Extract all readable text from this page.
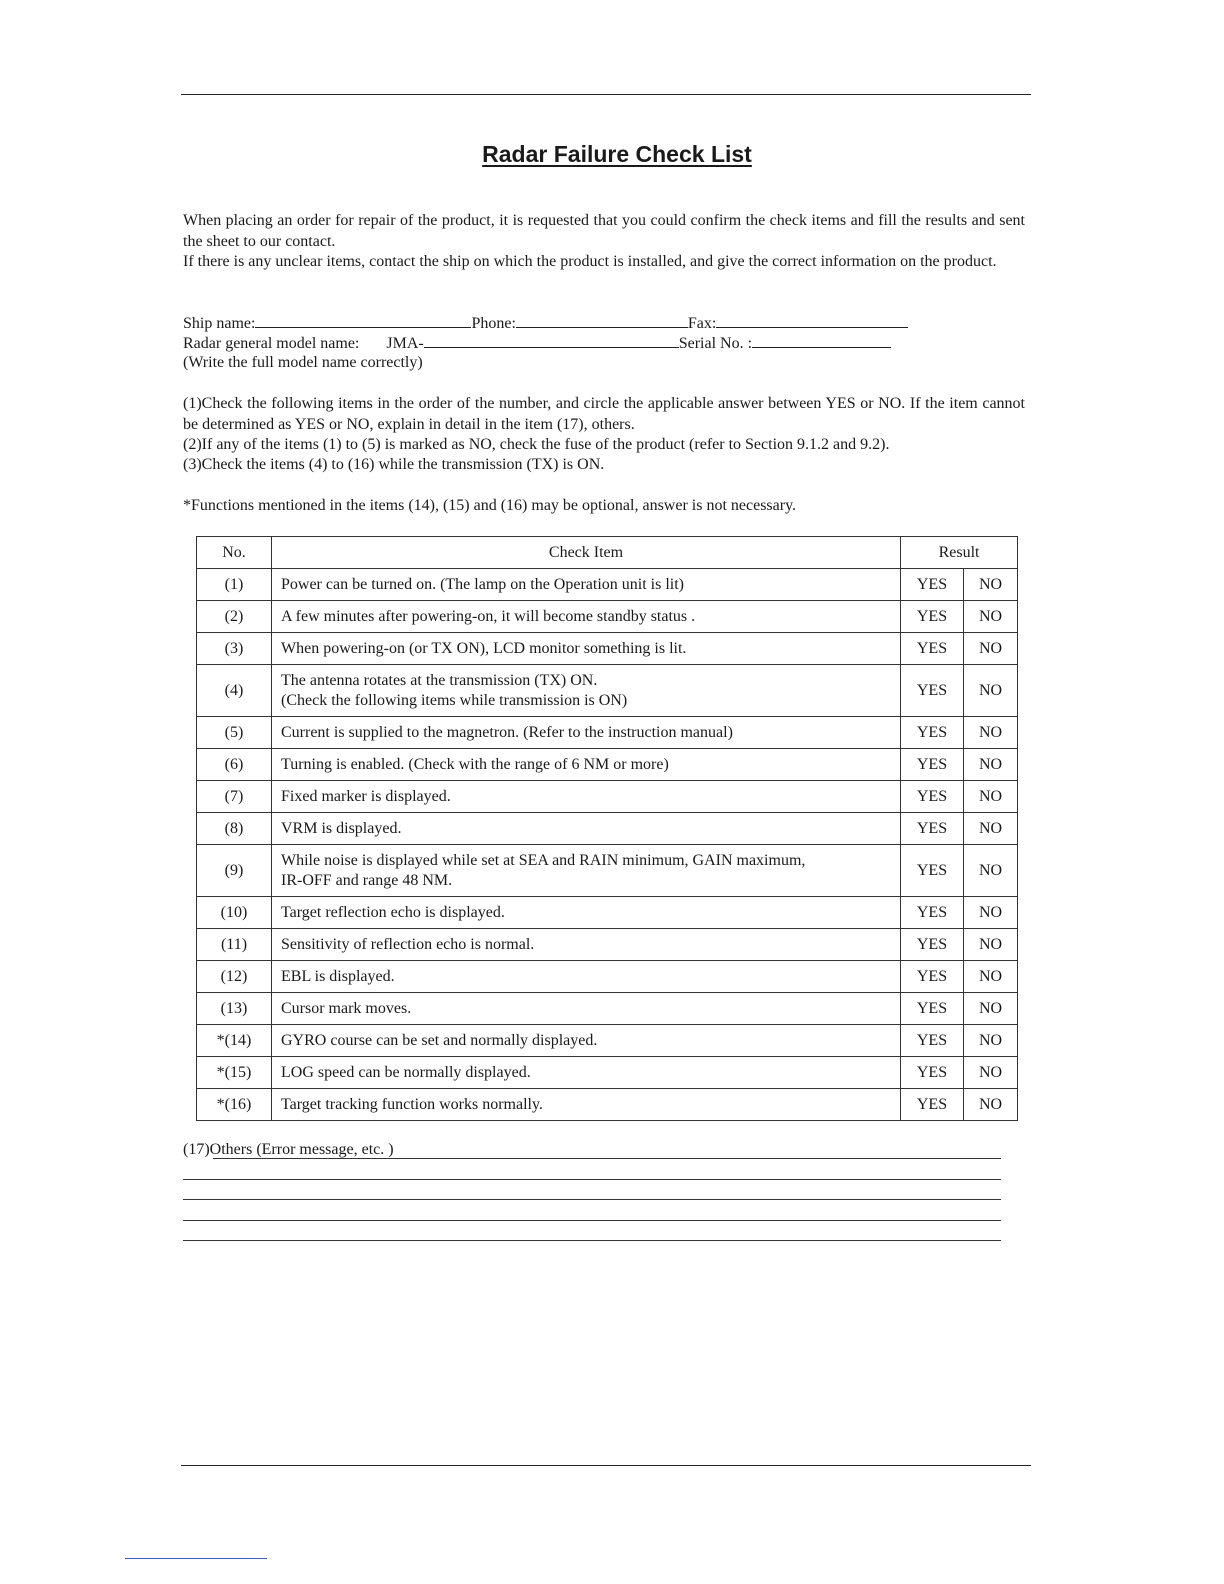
Radar Failure Check List

When placing an order for repair of the product, it is requested that you could confirm the check items and fill the results and sent the sheet to our contact.

If there is any unclear items, contact the ship on which the product is installed, and give the correct information on the product.

Ship name:	Phone:	Fax:
Radar general model name: JMA-	Serial No. :
(Write the full model name correctly)

(1)Check the following items in the order of the number, and circle the applicable answer between YES or NO. If the item cannot be determined as YES or NO, explain in detail in the item (17), others.

(2)If any of the items (1) to (5) is marked as NO, check the fuse of the product (refer to Section 9.1.2 and 9.2).

(3)Check the items (4) to (16) while the transmission (TX) is ON.

*Functions mentioned in the items (14), (15) and (16) may be optional, answer is not necessary.

No.	Check Item	Result	
(1)	Power can be turned on. (The lamp on the Operation unit is lit)	YES	NO
(2)	A few minutes after powering-on, it will become standby status .	YES	NO
(3)	When powering-on (or TX ON), LCD monitor something is lit.	YES	NO
(4)	The antenna rotates at the transmission (TX) ON.
(Check the following items while transmission is ON)	YES	NO
(5)	Current is supplied to the magnetron. (Refer to the instruction manual)	YES	NO
(6)	Turning is enabled. (Check with the range of 6 NM or more)	YES	NO
(7)	Fixed marker is displayed.	YES	NO
(8)	VRM is displayed.	YES	NO
(9)	While noise is displayed while set at SEA and RAIN minimum, GAIN maximum,
IR-OFF and range 48 NM.	YES	NO
(10)	Target reflection echo is displayed.	YES	NO
(11)	Sensitivity of reflection echo is normal.	YES	NO
(12)	EBL is displayed.	YES	NO
(13)	Cursor mark moves.	YES	NO
*(14)	GYRO course can be set and normally displayed.	YES	NO
*(15)	LOG speed can be normally displayed.	YES	NO
*(16)	Target tracking function works normally.	YES	NO
(17)Others (Error message, etc. )
